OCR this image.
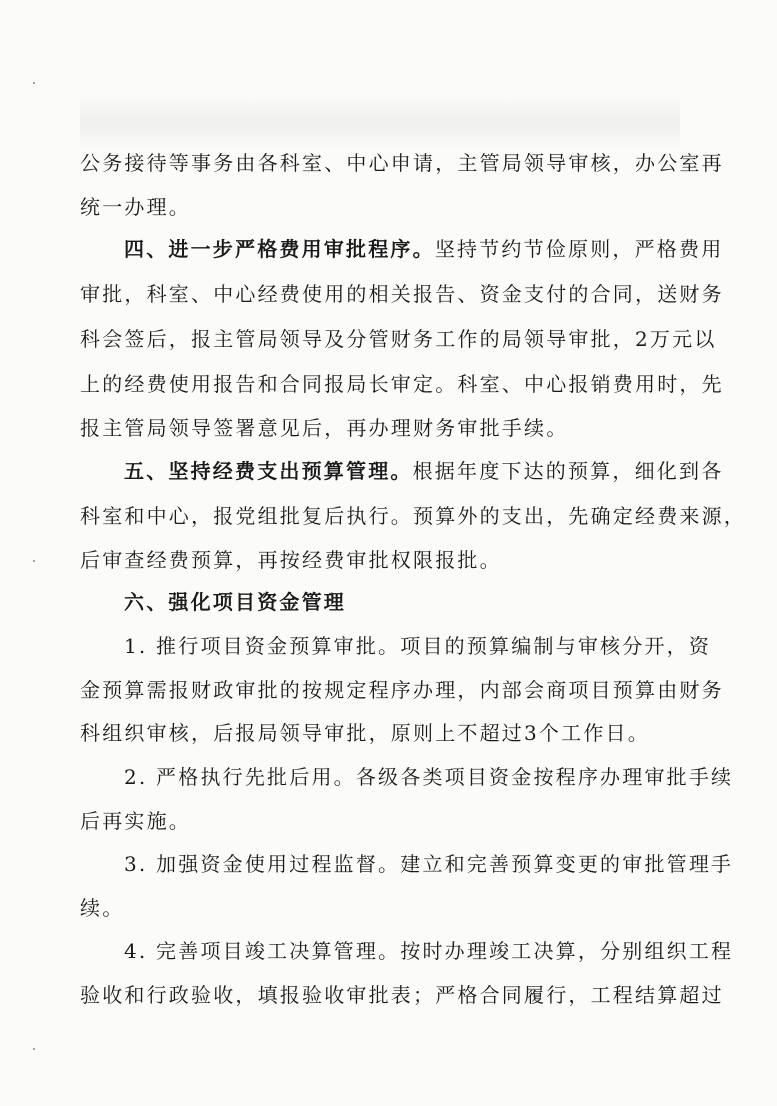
公务接待等事务由各科室、中心申请，主管局领导审核，办公室再
统一办理。
四、进一步严格费用审批程序。坚持节约节俭原则，严格费用
审批，科室、中心经费使用的相关报告、资金支付的合同，送财务
科会签后，报主管局领导及分管财务工作的局领导审批，2万元以
上的经费使用报告和合同报局长审定。科室、中心报销费用时，先
报主管局领导签署意见后，再办理财务审批手续。
五、坚持经费支出预算管理。根据年度下达的预算，细化到各
科室和中心，报党组批复后执行。预算外的支出，先确定经费来源，
后审查经费预算，再按经费审批权限报批。
六、强化项目资金管理
1. 推行项目资金预算审批。项目的预算编制与审核分开，资
金预算需报财政审批的按规定程序办理，内部会商项目预算由财务
科组织审核，后报局领导审批，原则上不超过3个工作日。
2. 严格执行先批后用。各级各类项目资金按程序办理审批手续
后再实施。
3. 加强资金使用过程监督。建立和完善预算变更的审批管理手
续。
4. 完善项目竣工决算管理。按时办理竣工决算，分别组织工程
验收和行政验收，填报验收审批表；严格合同履行，工程结算超过
